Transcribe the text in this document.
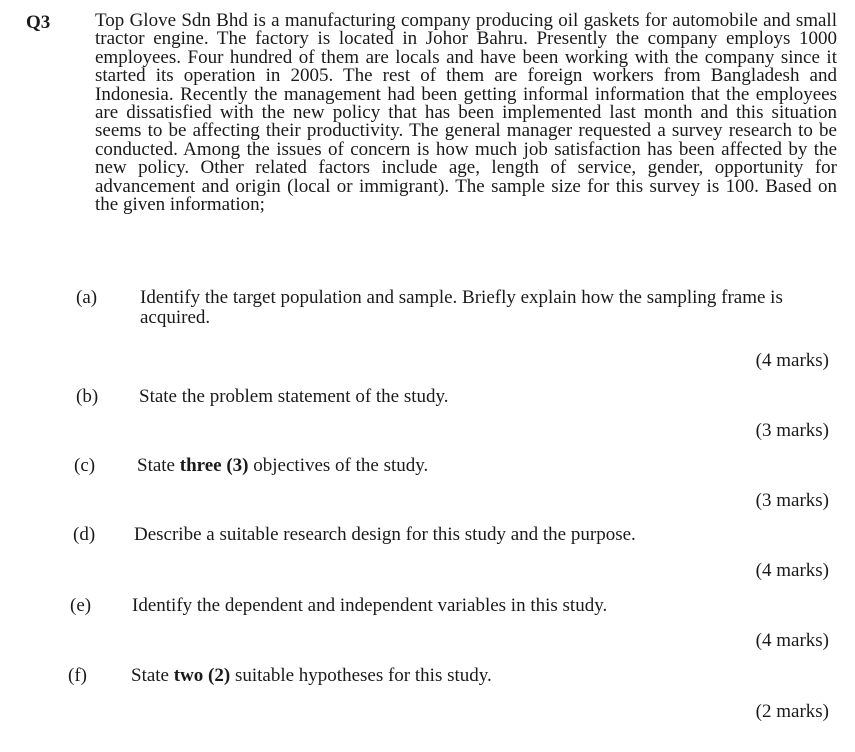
Q3 Top Glove Sdn Bhd is a manufacturing company producing oil gaskets for automobile and small tractor engine. The factory is located in Johor Bahru. Presently the company employs 1000 employees. Four hundred of them are locals and have been working with the company since it started its operation in 2005. The rest of them are foreign workers from Bangladesh and Indonesia. Recently the management had been getting informal information that the employees are dissatisfied with the new policy that has been implemented last month and this situation seems to be affecting their productivity. The general manager requested a survey research to be conducted. Among the issues of concern is how much job satisfaction has been affected by the new policy. Other related factors include age, length of service, gender, opportunity for advancement and origin (local or immigrant). The sample size for this survey is 100. Based on the given information;
(a) Identify the target population and sample. Briefly explain how the sampling frame is acquired.
(4 marks)
(b) State the problem statement of the study.
(3 marks)
(c) State three (3) objectives of the study.
(3 marks)
(d) Describe a suitable research design for this study and the purpose.
(4 marks)
(e) Identify the dependent and independent variables in this study.
(4 marks)
(f) State two (2) suitable hypotheses for this study.
(2 marks)
